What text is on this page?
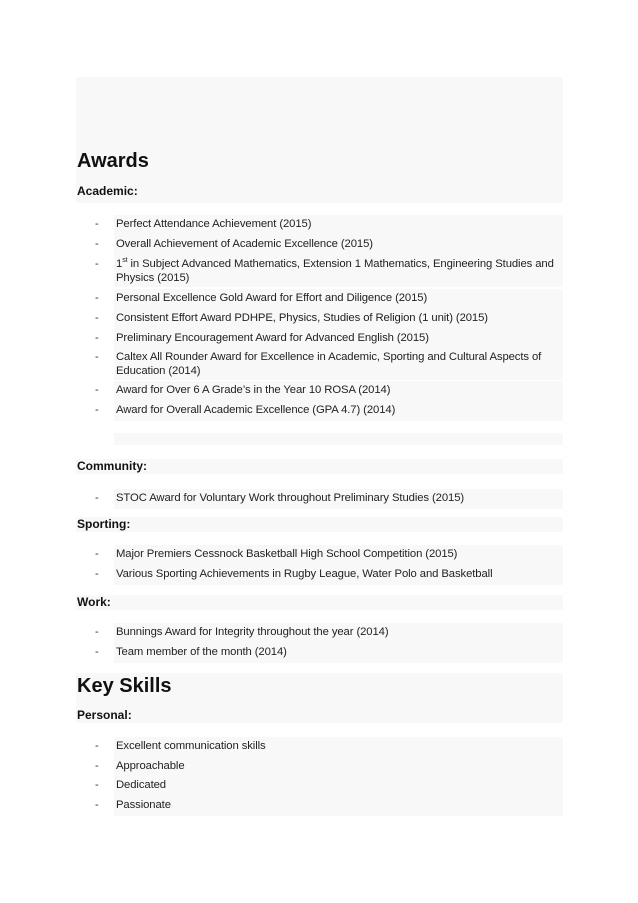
Awards
Academic:
- Perfect Attendance Achievement (2015)
- Overall Achievement of Academic Excellence (2015)
- 1st in Subject Advanced Mathematics, Extension 1 Mathematics, Engineering Studies and Physics (2015)
- Personal Excellence Gold Award for Effort and Diligence (2015)
- Consistent Effort Award PDHPE, Physics, Studies of Religion (1 unit) (2015)
- Preliminary Encouragement Award for Advanced English (2015)
- Caltex All Rounder Award for Excellence in Academic, Sporting and Cultural Aspects of Education (2014)
- Award for Over 6 A Grade’s in the Year 10 ROSA (2014)
- Award for Overall Academic Excellence (GPA 4.7) (2014)
Community:
- STOC Award for Voluntary Work throughout Preliminary Studies (2015)
Sporting:
- Major Premiers Cessnock Basketball High School Competition (2015)
- Various Sporting Achievements in Rugby League, Water Polo and Basketball
Work:
- Bunnings Award for Integrity throughout the year (2014)
- Team member of the month (2014)
Key Skills
Personal:
- Excellent communication skills
- Approachable
- Dedicated
- Passionate
